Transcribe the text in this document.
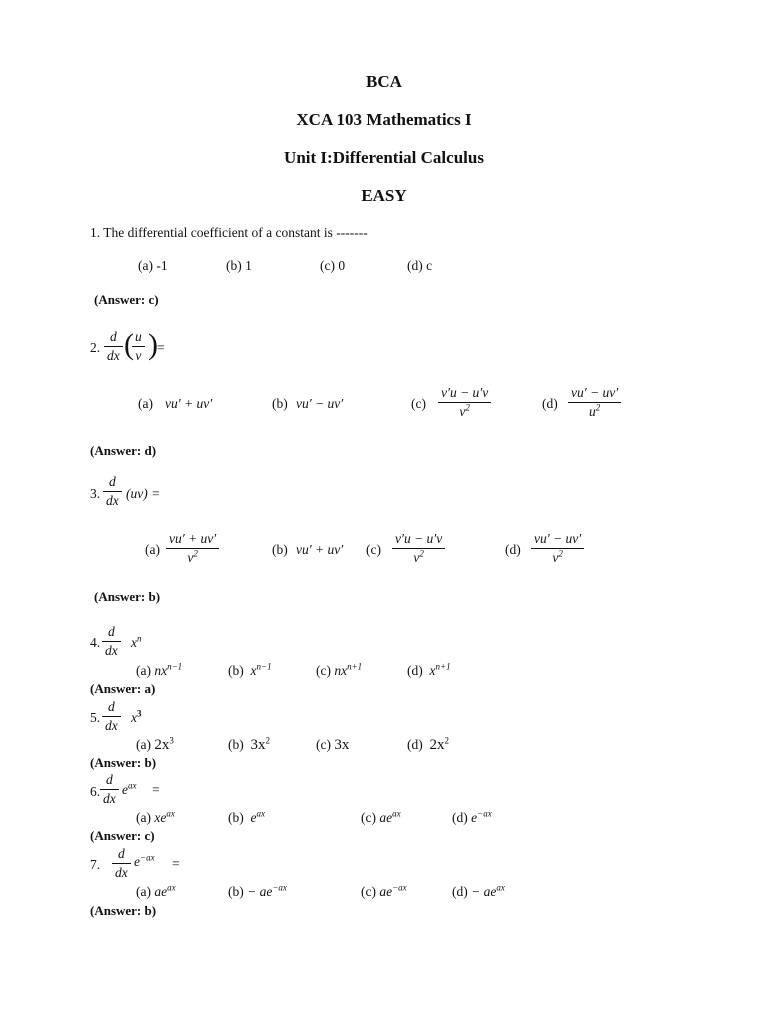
BCA
XCA 103 Mathematics I
Unit I:Differential Calculus
EASY
1. The differential coefficient of a constant is -------
(a) -1	(b) 1	(c) 0	(d) c
(Answer: c)
2. $\frac{d}{dx}$ (
$\frac{u}{v}$ ) =
(a) vu′ + uv′	(b) vu′ − uv′	$(c) \frac{v'u - u'v}{v^2}$	$(d) \frac{vu' - uv'}{u^2}$
(Answer: d)
3. $\frac{d}{dx} (uv)$ =
$(a) \frac{vu' + uv'}{v^2}$	(b) vu′ + uv′ $(c) \frac{v'u - u'v}{v^2}$	$(d) \frac{vu' - uv'}{v^2}$
(Answer: b)
4. $\frac{d}{dx} x^n$
(a) $nx^{n-1}$	(b) $x^{n-1}$	(c) $nx^{n+1}$	(d) $x^{n+1}$
(Answer: a)
5. $\frac{d}{dx} x^3$
(a) $2x^3$	(b) $3x^2$	(c) 3x	(d) $2x^2$
(Answer: b)
6. $\frac{d}{dx} e^{ax}$ =
(a) $xe^{ax}$	(b) $e^{ax}$	(c) $ae^{ax}$	(d) $e^{-ax}$
(Answer: c)
7. $\frac{d}{dx} e^{-ax}$ =
(a) $ae^{ax}$	$(b) - ae^{-ax}$	(c) $ae^{-ax}$	$(d) - ae^{ax}$
(Answer: b)
